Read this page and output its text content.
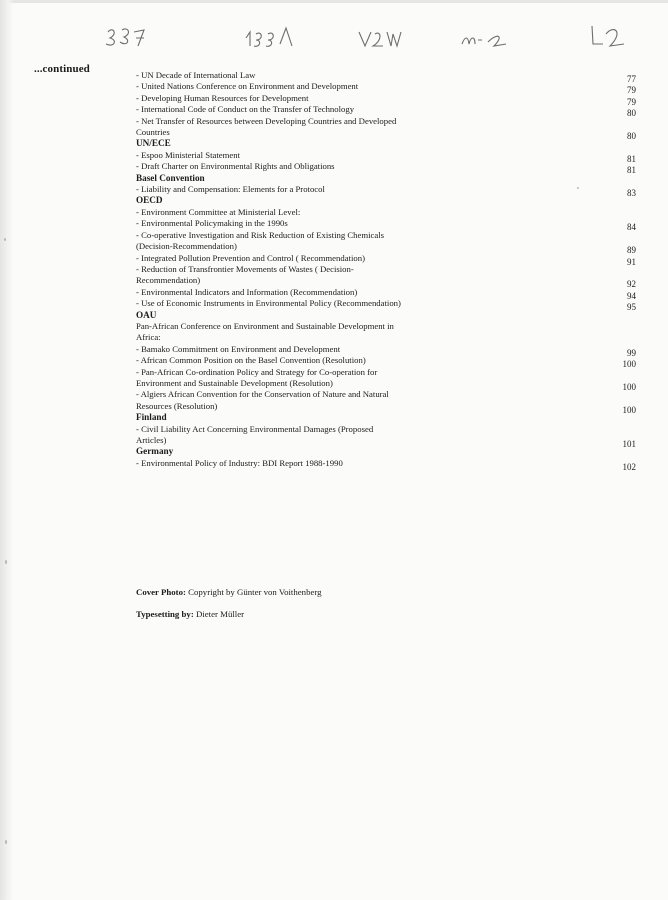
...continued	- UN Decade of International Law	77
- United Nations Conference on Environment and Development	79
- Developing Human Resources for Development	79
- International Code of Conduct on the Transfer of Technology	80
- Net Transfer of Resources between Developing Countries and Developed Countries	80
UN/ECE
- Espoo Ministerial Statement	81
- Draft Charter on Environmental Rights and Obligations	81
Basel Convention
- Liability and Compensation: Elements for a Protocol	83
OECD
- Environment Committee at Ministerial Level:
- Environmental Policymaking in the 1990s	84
- Co-operative Investigation and Risk Reduction of Existing Chemicals (Decision-Recommendation)	89
- Integrated Pollution Prevention and Control ( Recommendation)	91
- Reduction of Transfrontier Movements of Wastes ( Decision-Recommendation)	92
- Environmental Indicators and Information (Recommendation)	94
- Use of Economic Instruments in Environmental Policy (Recommendation)	95
OAU
Pan-African Conference on Environment and Sustainable Development in Africa:
- Bamako Commitment on Environment and Development	99
- African Common Position on the Basel Convention (Resolution)	100
- Pan-African Co-ordination Policy and Strategy for Co-operation for Environment and Sustainable Development (Resolution)	100
- Algiers African Convention for the Conservation of Nature and Natural Resources (Resolution)	100
Finland
- Civil Liability Act Concerning Environmental Damages (Proposed Articles)	101
Germany
- Environmental Policy of Industry: BDI Report 1988-1990	102
Cover Photo: Copyright by Günter von Voithenberg
Typesetting by: Dieter Müller
